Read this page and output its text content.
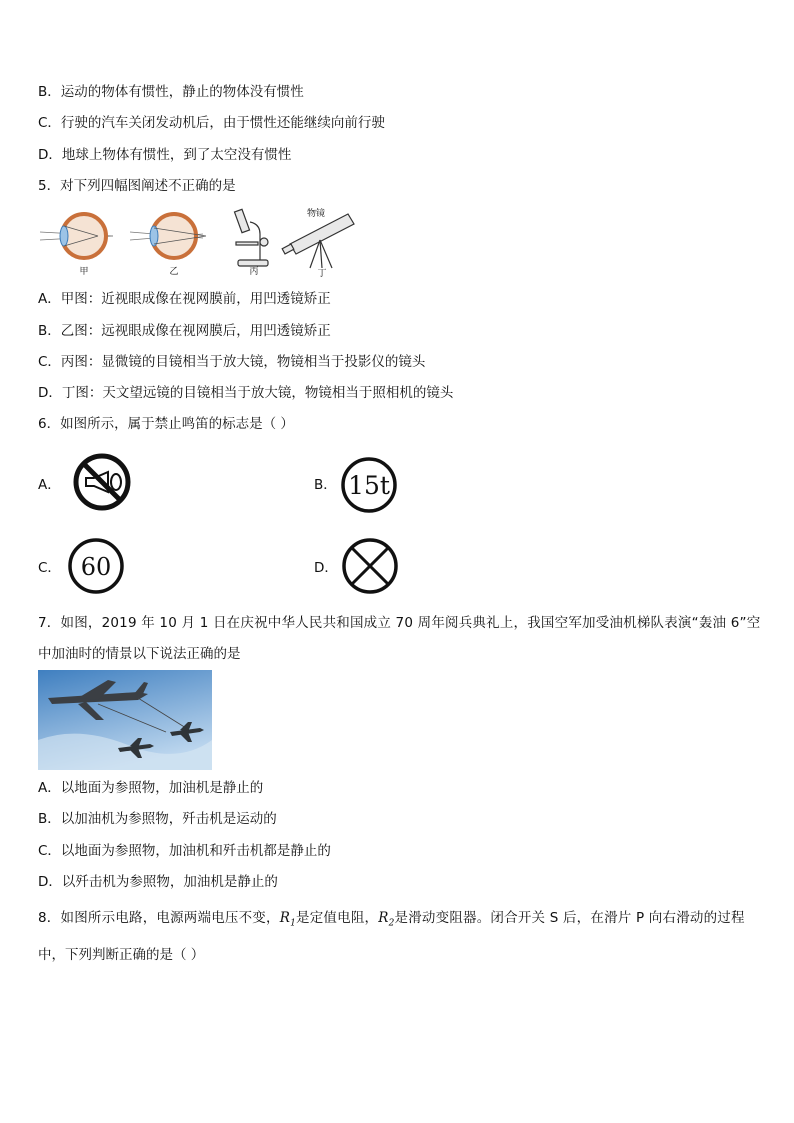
B．运动的物体有惯性，静止的物体没有惯性
C．行驶的汽车关闭发动机后，由于惯性还能继续向前行驶
D．地球上物体有惯性，到了太空没有惯性
5．对下列四幅图阐述不正确的是
甲	乙	丙
物镜
丁
A．甲图：近视眼成像在视网膜前，用凹透镜矫正
B．乙图：远视眼成像在视网膜后，用凹透镜矫正
C．丙图：显微镜的目镜相当于放大镜，物镜相当于投影仪的镜头
D．丁图：天文望远镜的目镜相当于放大镜，物镜相当于照相机的镜头
6．如图所示，属于禁止鸣笛的标志是（ ）
A．	B． 15t
C． 60	D．
7．如图，2019 年 10 月 1 日在庆祝中华人民共和国成立 70 周年阅兵典礼上，我国空军加受油机梯队表演“轰油 6”空
中加油时的情景以下说法正确的是
A．以地面为参照物，加油机是静止的
B．以加油机为参照物，歼击机是运动的
C．以地面为参照物，加油机和歼击机都是静止的
D．以歼击机为参照物，加油机是静止的
8．如图所示电路，电源两端电压不变，$R_1$是定值电阻，$R_2$是滑动变阻器。闭合开关 S 后，在滑片 P 向右滑动的过程
中，下列判断正确的是（ ）
